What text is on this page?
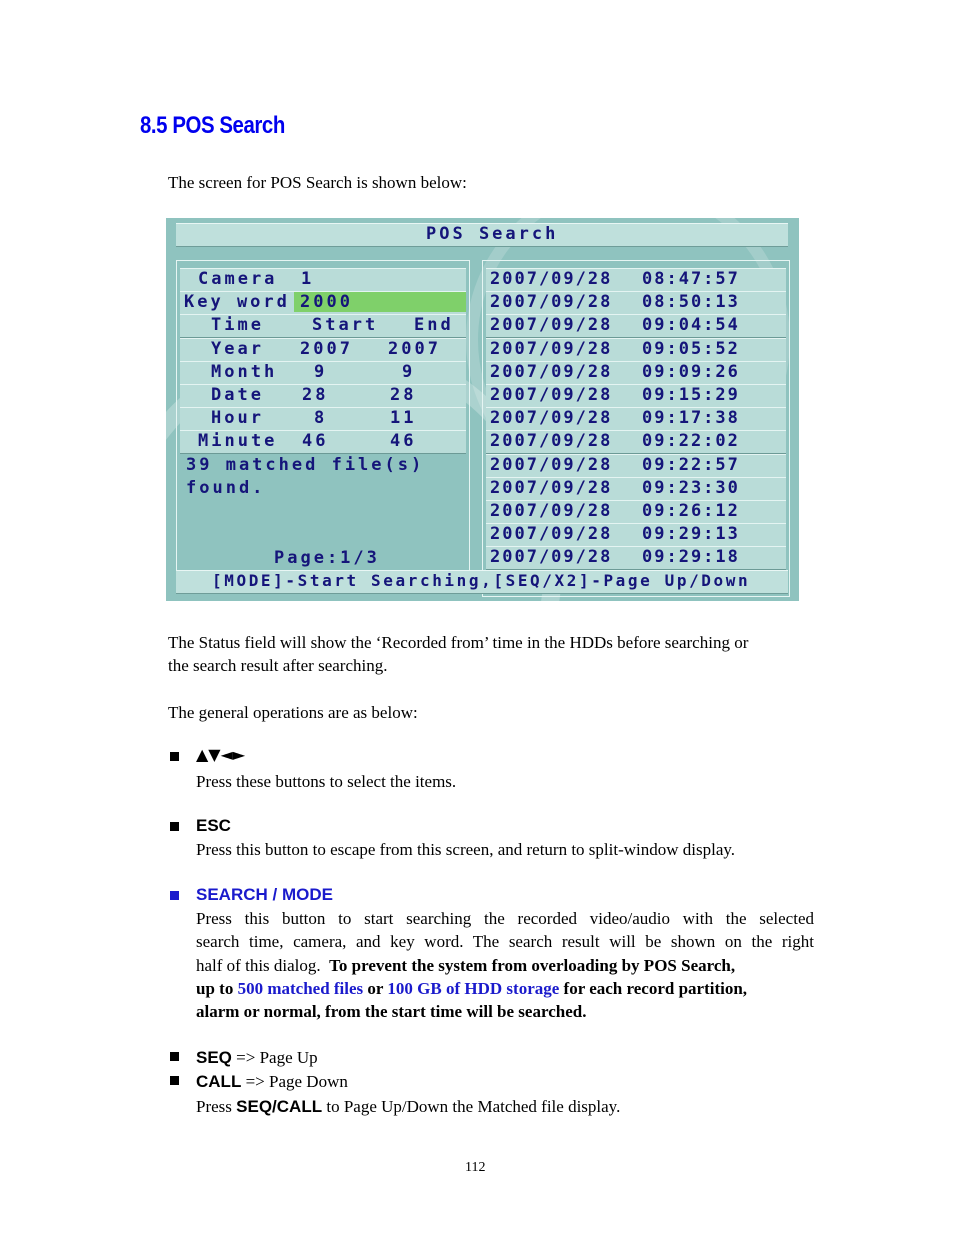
8.5 POS Search
The screen for POS Search is shown below:
POS Search
39 matched file(s)
found.
Page:1/3
[MODE]-Start Searching,[SEQ/X2]-Page Up/Down
Camera 1
Key word 2000
Time	Start End
Year 2007 2007
Month 9	9
Date 28	28
Hour	8	11
Minute 46	46
2007/09/28 08:47:57
2007/09/28 08:50:13
2007/09/28 09:04:54
2007/09/28 09:05:52
2007/09/28 09:09:26
2007/09/28 09:15:29
2007/09/28 09:17:38
2007/09/28 09:22:02
2007/09/28 09:22:57
2007/09/28 09:23:30
2007/09/28 09:26:12
2007/09/28 09:29:13
2007/09/28 09:29:18
The Status field will show the ‘Recorded from’ time in the HDDs before searching or
the search result after searching.
The general operations are as below:
▲▼◄►
Press these buttons to select the items.
ESC
Press this button to escape from this screen, and return to split-window display.
SEARCH / MODE
Press this button to start searching the recorded video/audio with the selected
search time, camera, and key word. The search result will be shown on the right
half of this dialog.  To prevent the system from overloading by POS Search,
up to 500 matched files or 100 GB of HDD storage for each record partition,
alarm or normal, from the start time will be searched.
SEQ => Page Up
CALL => Page Down
Press SEQ/CALL to Page Up/Down the Matched file display.
112
